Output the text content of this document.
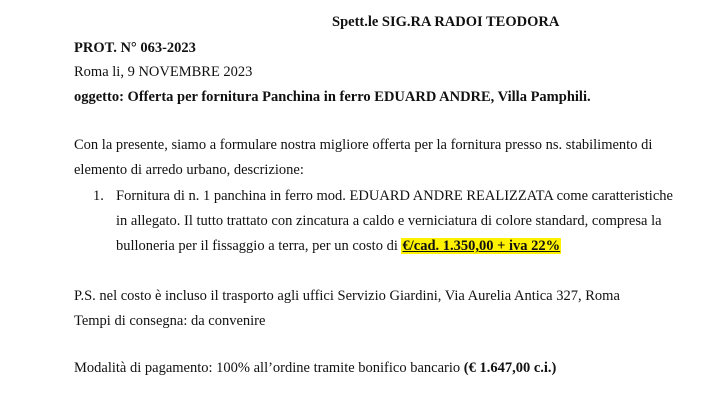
Spett.le SIG.RA RADOI TEODORA
PROT. N° 063-2023
Roma li, 9 NOVEMBRE 2023
oggetto: Offerta per fornitura Panchina in ferro EDUARD ANDRE, Villa Pamphili.
Con la presente, siamo a formulare nostra migliore offerta per la fornitura presso ns. stabilimento di
elemento di arredo urbano, descrizione:
1. Fornitura di n. 1 panchina in ferro mod. EDUARD ANDRE REALIZZATA come caratteristiche
in allegato. Il tutto trattato con zincatura a caldo e verniciatura di colore standard, compresa la
bulloneria per il fissaggio a terra, per un costo di €/cad. 1.350,00 + iva 22%
P.S. nel costo è incluso il trasporto agli uffici Servizio Giardini, Via Aurelia Antica 327, Roma
Tempi di consegna: da convenire
Modalità di pagamento: 100% all’ordine tramite bonifico bancario (€ 1.647,00 c.i.)
